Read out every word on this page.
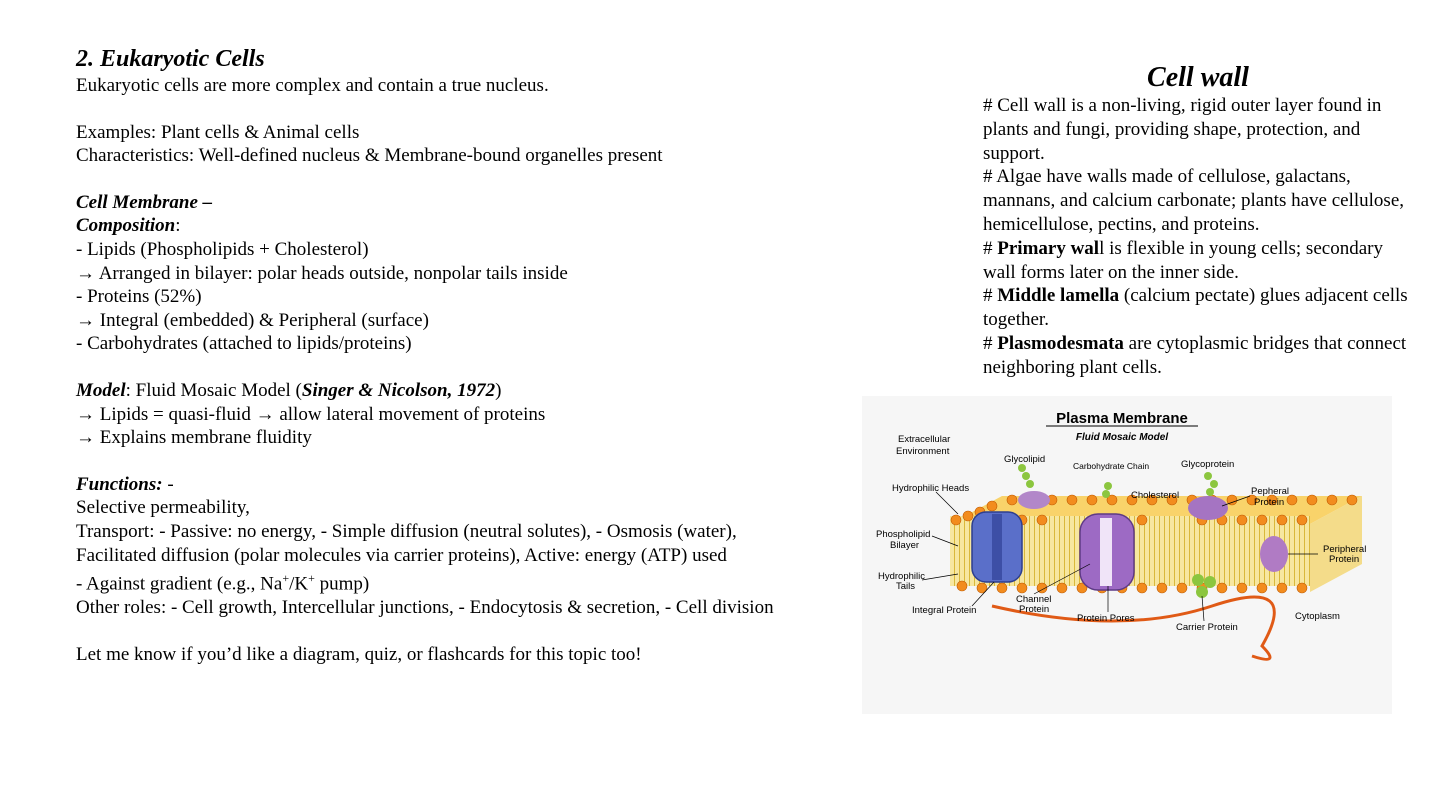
2. Eukaryotic Cells
Eukaryotic cells are more complex and contain a true nucleus.
Examples: Plant cells & Animal cells
Characteristics: Well-defined nucleus & Membrane-bound organelles present
Cell Membrane –
Composition:
- Lipids (Phospholipids + Cholesterol)
→ Arranged in bilayer: polar heads outside, nonpolar tails inside
- Proteins (52%)
→ Integral (embedded) & Peripheral (surface)
- Carbohydrates (attached to lipids/proteins)
Model: Fluid Mosaic Model (Singer & Nicolson, 1972)
→ Lipids = quasi-fluid → allow lateral movement of proteins
→ Explains membrane fluidity
Functions: -
Selective permeability,
Transport: - Passive: no energy, - Simple diffusion (neutral solutes), - Osmosis (water),
Facilitated diffusion (polar molecules via carrier proteins), Active: energy (ATP) used
- Against gradient (e.g., Na+/K+ pump)
Other roles: - Cell growth, Intercellular junctions, - Endocytosis & secretion, - Cell division
Let me know if you’d like a diagram, quiz, or flashcards for this topic too!
Cell wall
# Cell wall is a non-living, rigid outer layer found in plants and fungi, providing shape, protection, and support.
# Algae have walls made of cellulose, galactans, mannans, and calcium carbonate; plants have cellulose, hemicellulose, pectins, and proteins.
# Primary wall is flexible in young cells; secondary wall forms later on the inner side.
# Middle lamella (calcium pectate) glues adjacent cells together.
# Plasmodesmata are cytoplasmic bridges that connect neighboring plant cells.
Plasma Membrane
Fluid Mosaic Model
Extracellular
Environment
Glycolipid
Carbohydrate Chain	Glycoprotein
Hydrophilic Heads
Cholesterol	Pepheral
Protein
Phospholipid
Bilayer	Peripheral
Protein
Hydrophilic
Tails
Integral Protein
Channel
Protein
Protein Pores
Carrier Protein
Cytoplasm
